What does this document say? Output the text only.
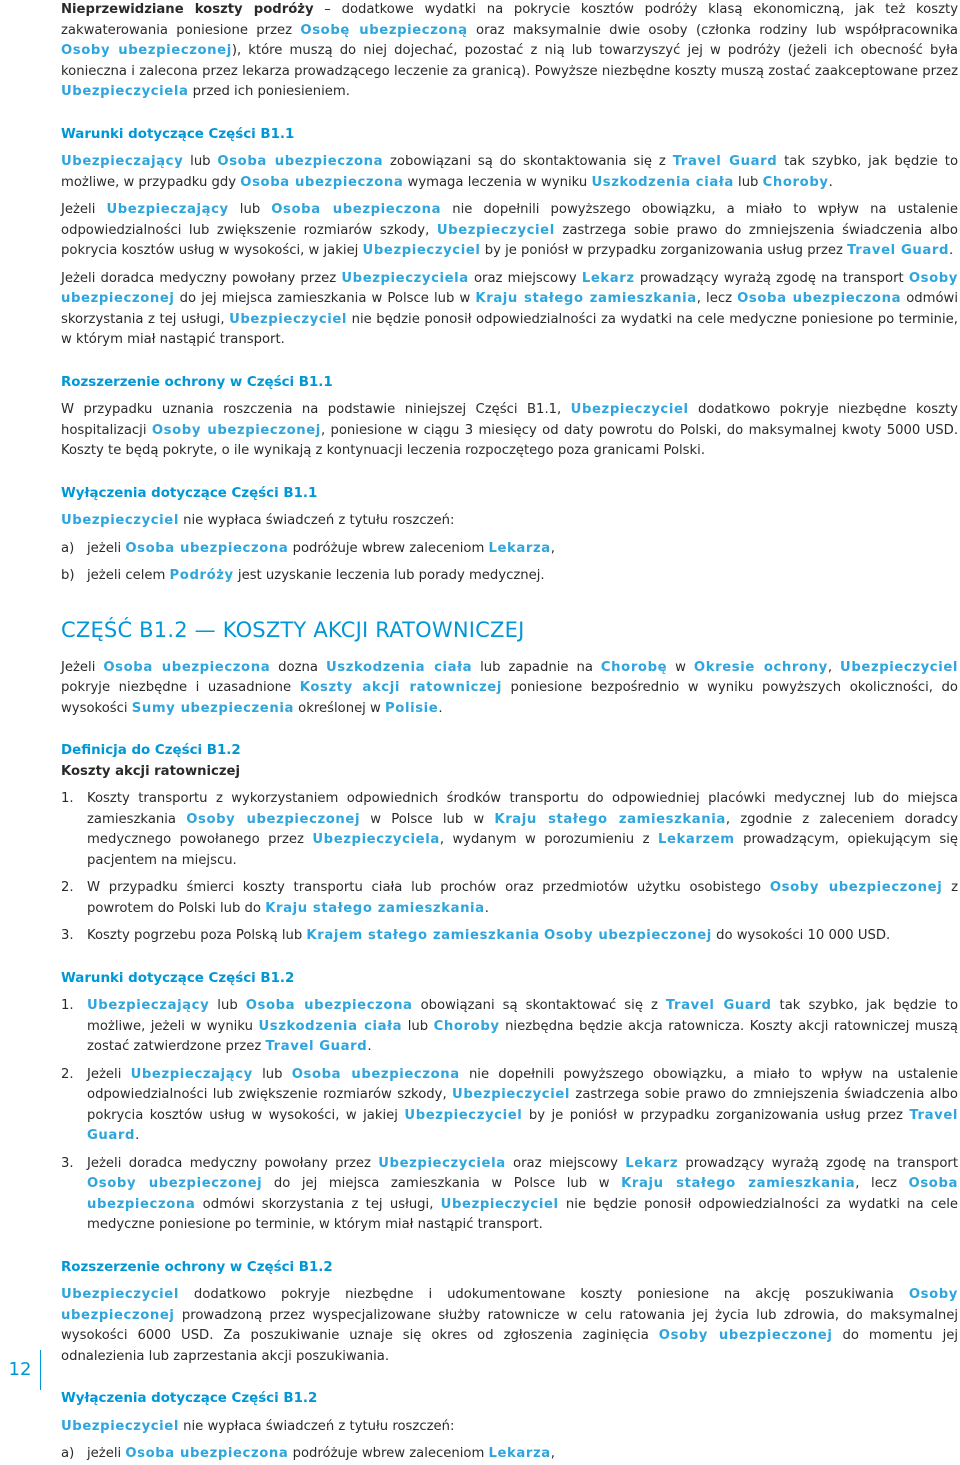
Nieprzewidziane koszty podróży – dodatkowe wydatki na pokrycie kosztów podróży klasą ekonomiczną, jak też koszty zakwaterowania poniesione przez Osobę ubezpieczoną oraz maksymalnie dwie osoby (członka rodziny lub współpracownika Osoby ubezpieczonej), które muszą do niej dojechać, pozostać z nią lub towarzyszyć jej w podróży (jeżeli ich obecność była konieczna i zalecona przez lekarza prowadzącego leczenie za granicą). Powyższe niezbędne koszty muszą zostać zaakceptowane przez Ubezpieczyciela przed ich poniesieniem.

Warunki dotyczące Części B1.1

Ubezpieczający lub Osoba ubezpieczona zobowiązani są do skontaktowania się z Travel Guard tak szybko, jak będzie to możliwe, w przypadku gdy Osoba ubezpieczona wymaga leczenia w wyniku Uszkodzenia ciała lub Choroby.

Jeżeli Ubezpieczający lub Osoba ubezpieczona nie dopełnili powyższego obowiązku, a miało to wpływ na ustalenie odpowiedzialności lub zwiększenie rozmiarów szkody, Ubezpieczyciel zastrzega sobie prawo do zmniejszenia świadczenia albo pokrycia kosztów usług w wysokości, w jakiej Ubezpieczyciel by je poniósł w przypadku zorganizowania usług przez Travel Guard.

Jeżeli doradca medyczny powołany przez Ubezpieczyciela oraz miejscowy Lekarz prowadzący wyrażą zgodę na transport Osoby ubezpieczonej do jej miejsca zamieszkania w Polsce lub w Kraju stałego zamieszkania, lecz Osoba ubezpieczona odmówi skorzystania z tej usługi, Ubezpieczyciel nie będzie ponosił odpowiedzialności za wydatki na cele medyczne poniesione po terminie, w którym miał nastąpić transport.

Rozszerzenie ochrony w Części B1.1

W przypadku uznania roszczenia na podstawie niniejszej Części B1.1, Ubezpieczyciel dodatkowo pokryje niezbędne koszty hospitalizacji Osoby ubezpieczonej, poniesione w ciągu 3 miesięcy od daty powrotu do Polski, do maksymalnej kwoty 5000 USD. Koszty te będą pokryte, o ile wynikają z kontynuacji leczenia rozpoczętego poza granicami Polski.

Wyłączenia dotyczące Części B1.1

Ubezpieczyciel nie wypłaca świadczeń z tytułu roszczeń:

a) jeżeli Osoba ubezpieczona podróżuje wbrew zaleceniom Lekarza,
b) jeżeli celem Podróży jest uzyskanie leczenia lub porady medycznej.
CZĘŚĆ B1.2 — KOSZTY AKCJI RATOWNICZEJ

Jeżeli Osoba ubezpieczona dozna Uszkodzenia ciała lub zapadnie na Chorobę w Okresie ochrony, Ubezpieczyciel pokryje niezbędne i uzasadnione Koszty akcji ratowniczej poniesione bezpośrednio w wyniku powyższych okoliczności, do wysokości Sumy ubezpieczenia określonej w Polisie.

Definicja do Części B1.2
Koszty akcji ratowniczej
1.	Koszty transportu z wykorzystaniem odpowiednich środków transportu do odpowiedniej placówki medycznej lub do miejsca zamieszkania Osoby ubezpieczonej w Polsce lub w Kraju stałego zamieszkania, zgodnie z zaleceniem doradcy medycznego powołanego przez Ubezpieczyciela, wydanym w porozumieniu z Lekarzem prowadzącym, opiekującym się pacjentem na miejscu.
2.	W przypadku śmierci koszty transportu ciała lub prochów oraz przedmiotów użytku osobistego Osoby ubezpieczonej z powrotem do Polski lub do Kraju stałego zamieszkania.
3.	Koszty pogrzebu poza Polską lub Krajem stałego zamieszkania Osoby ubezpieczonej do wysokości 10 000 USD.
Warunki dotyczące Części B1.2
1.	Ubezpieczający lub Osoba ubezpieczona obowiązani są skontaktować się z Travel Guard tak szybko, jak będzie to możliwe, jeżeli w wyniku Uszkodzenia ciała lub Choroby niezbędna będzie akcja ratownicza. Koszty akcji ratowniczej muszą zostać zatwierdzone przez Travel Guard.
2.	Jeżeli Ubezpieczający lub Osoba ubezpieczona nie dopełnili powyższego obowiązku, a miało to wpływ na ustalenie odpowiedzialności lub zwiększenie rozmiarów szkody, Ubezpieczyciel zastrzega sobie prawo do zmniejszenia świadczenia albo pokrycia kosztów usług w wysokości, w jakiej Ubezpieczyciel by je poniósł w przypadku zorganizowania usług przez Travel Guard.
3.	Jeżeli doradca medyczny powołany przez Ubezpieczyciela oraz miejscowy Lekarz prowadzący wyrażą zgodę na transport Osoby ubezpieczonej do jej miejsca zamieszkania w Polsce lub w Kraju stałego zamieszkania, lecz Osoba ubezpieczona odmówi skorzystania z tej usługi, Ubezpieczyciel nie będzie ponosił odpowiedzialności za wydatki na cele medyczne poniesione po terminie, w którym miał nastąpić transport.
Rozszerzenie ochrony w Części B1.2

Ubezpieczyciel dodatkowo pokryje niezbędne i udokumentowane koszty poniesione na akcję poszukiwania Osoby ubezpieczonej prowadzoną przez wyspecjalizowane służby ratownicze w celu ratowania jej życia lub zdrowia, do maksymalnej wysokości 6000 USD. Za poszukiwanie uznaje się okres od zgłoszenia zaginięcia Osoby ubezpieczonej do momentu jej odnalezienia lub zaprzestania akcji poszukiwania.

Wyłączenia dotyczące Części B1.2

Ubezpieczyciel nie wypłaca świadczeń z tytułu roszczeń:

a) jeżeli Osoba ubezpieczona podróżuje wbrew zaleceniom Lekarza,
12
